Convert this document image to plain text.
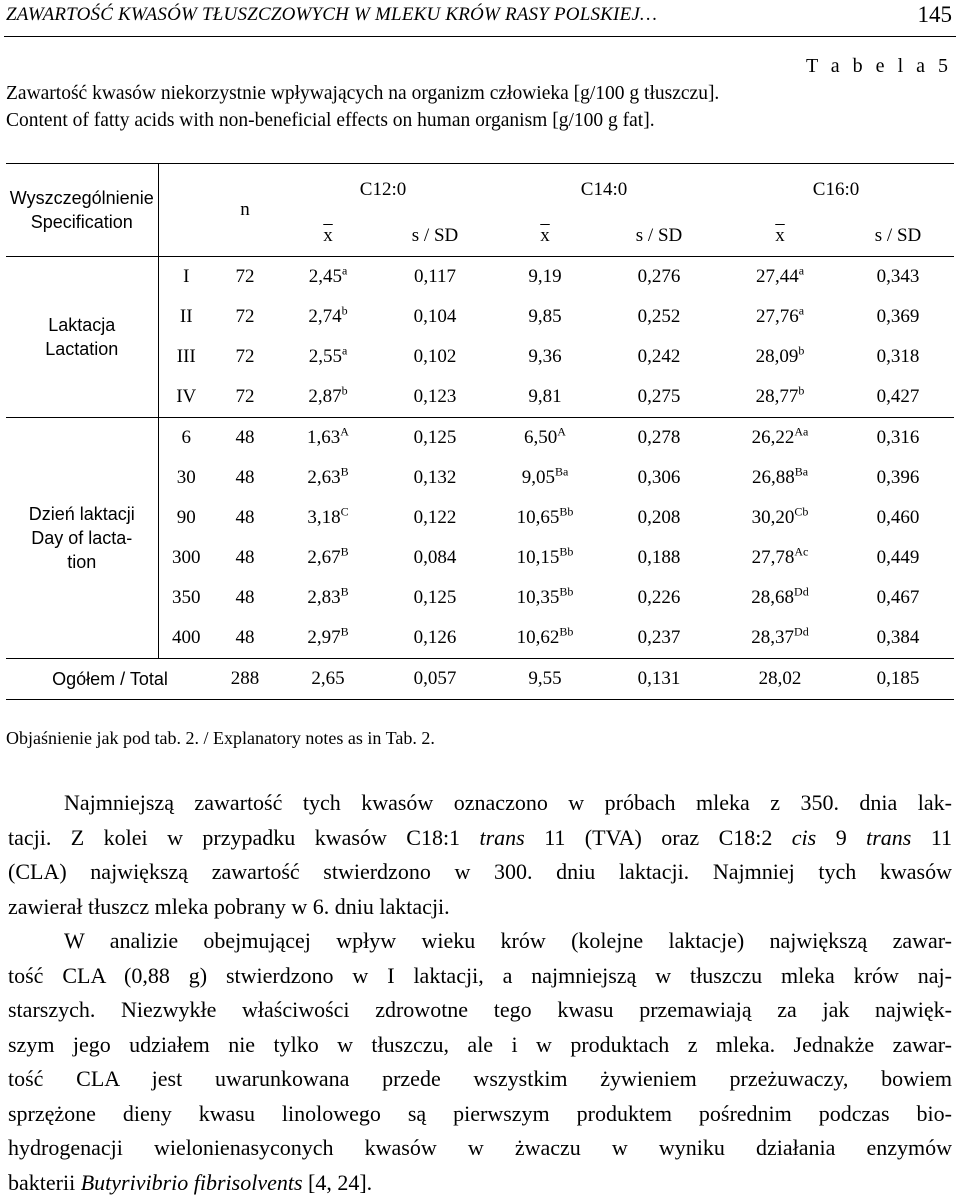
ZAWARTOŚĆ KWASÓW TŁUSZCZOWYCH W MLEKU KRÓW RASY POLSKIEJ…	145
T a b e l a 5
Zawartość kwasów niekorzystnie wpływających na organizm człowieka [g/100 g tłuszczu].
Content of fatty acids with non-beneficial effects on human organism [g/100 g fat].
Wyszczególnienie
Specification		n	C12:0		C14:0		C16:0	
			$\overline{x}$	s / SD	$\overline{x}$	s / SD	$\overline{x}$	s / SD
Laktacja
Lactation	I	72	2,45$^a$	0,117	9,19	0,276	27,44$^a$	0,343
	II	72	2,74$^b$	0,104	9,85	0,252	27,76$^a$	0,369
	III	72	2,55$^a$	0,102	9,36	0,242	28,09$^b$	0,318
	IV	72	2,87$^b$	0,123	9,81	0,275	28,77$^b$	0,427
Dzień laktacji
Day of lacta-
tion	6	48	$1,63^A$	0,125	$6,50^A$	0,278	$26,22^{Aa}$	0,316
	30	48	$2,63^B$	0,132	$9,05^{Ba}$	0,306	$26,88^{Ba}$	0,396
	90	48	$3,18^C$	0,122	$10,65^{Bb}$	0,208	$30,20^{Cb}$	0,460
	300	48	$2,67^B$	0,084	$10,15^{Bb}$	0,188	$27,78^{Ac}$	0,449
	350	48	$2,83^B$	0,125	$10,35^{Bb}$	0,226	$28,68^{Dd}$	0,467
	400	48	$2,97^B$	0,126	$10,62^{Bb}$	0,237	$28,37^{Dd}$	0,384
Ogółem / Total		288	2,65	0,057	9,55	0,131	28,02	0,185
Objaśnienie jak pod tab. 2. / Explanatory notes as in Tab. 2.
Najmniejszą zawartość tych kwasów oznaczono w próbach mleka z 350. dnia lak-
tacji. Z kolei w przypadku kwasów C18:1 trans 11 (TVA) oraz C18:2 cis 9 trans 11
(CLA) największą zawartość stwierdzono w 300. dniu laktacji. Najmniej tych kwasów
zawierał tłuszcz mleka pobrany w 6. dniu laktacji.
W analizie obejmującej wpływ wieku krów (kolejne laktacje) największą zawar-
tość CLA (0,88 g) stwierdzono w I laktacji, a najmniejszą w tłuszczu mleka krów naj-
starszych. Niezwykłe właściwości zdrowotne tego kwasu przemawiają za jak najwięk-
szym jego udziałem nie tylko w tłuszczu, ale i w produktach z mleka. Jednakże zawar-
tość CLA jest uwarunkowana przede wszystkim żywieniem przeżuwaczy, bowiem
sprzężone dieny kwasu linolowego są pierwszym produktem pośrednim podczas bio-
hydrogenacji wielonienasyconych kwasów w żwaczu w wyniku działania enzymów
bakterii Butyrivibrio fibrisolvents [4, 24].
